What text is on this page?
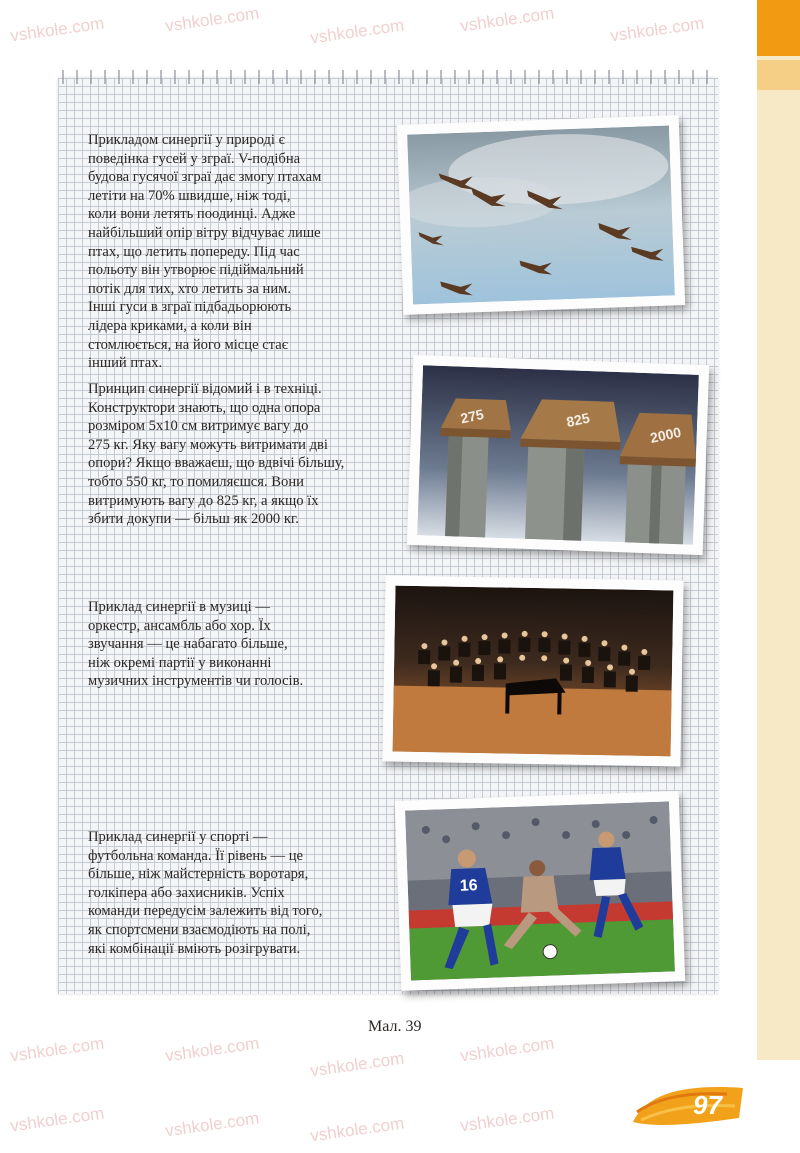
Прикладом синергії у природі є
поведінка гусей у зграї. V-подібна
будова гусячої зграї дає змогу птахам
летіти на 70% швидше, ніж тоді,
коли вони летять поодинці. Адже
найбільший опір вітру відчуває лише
птах, що летить попереду. Під час
польоту він утворює підіймальний
потік для тих, хто летить за ним.
Інші гуси в зграї підбадьорюють
лідера криками, а коли він
стомлюється, на його місце стає
інший птах.
Принцип синергії відомий і в техніці.
Конструктори знають, що одна опора
розміром 5х10 см витримує вагу до
275 кг. Яку вагу можуть витримати дві
опори? Якщо вважаєш, що вдвічі більшу,
тобто 550 кг, то помиляєшся. Вони
витримують вагу до 825 кг, а якщо їх
збити докупи — більш як 2000 кг.
275	825
2000
Приклад синергії в музиці —
оркестр, ансамбль або хор. Їх
звучання — це набагато більше,
ніж окремі партії у виконанні
музичних інструментів чи голосів.
Приклад синергії у спорті —
футбольна команда. Її рівень — це
більше, ніж майстерність воротаря,
голкіпера або захисників. Успіх
команди передусім залежить від того,
як спортсмени взаємодіють на полі,
які комбінації вміють розігрувати.
16
Мал. 39
97
vshkole.com	vshkole.com	vshkole.com	vshkole.com	vshkole.com
vshkole.com	vshkole.com	vshkole.com	vshkole.com
vshkole.com	vshkole.com	vshkole.com	vshkole.com
